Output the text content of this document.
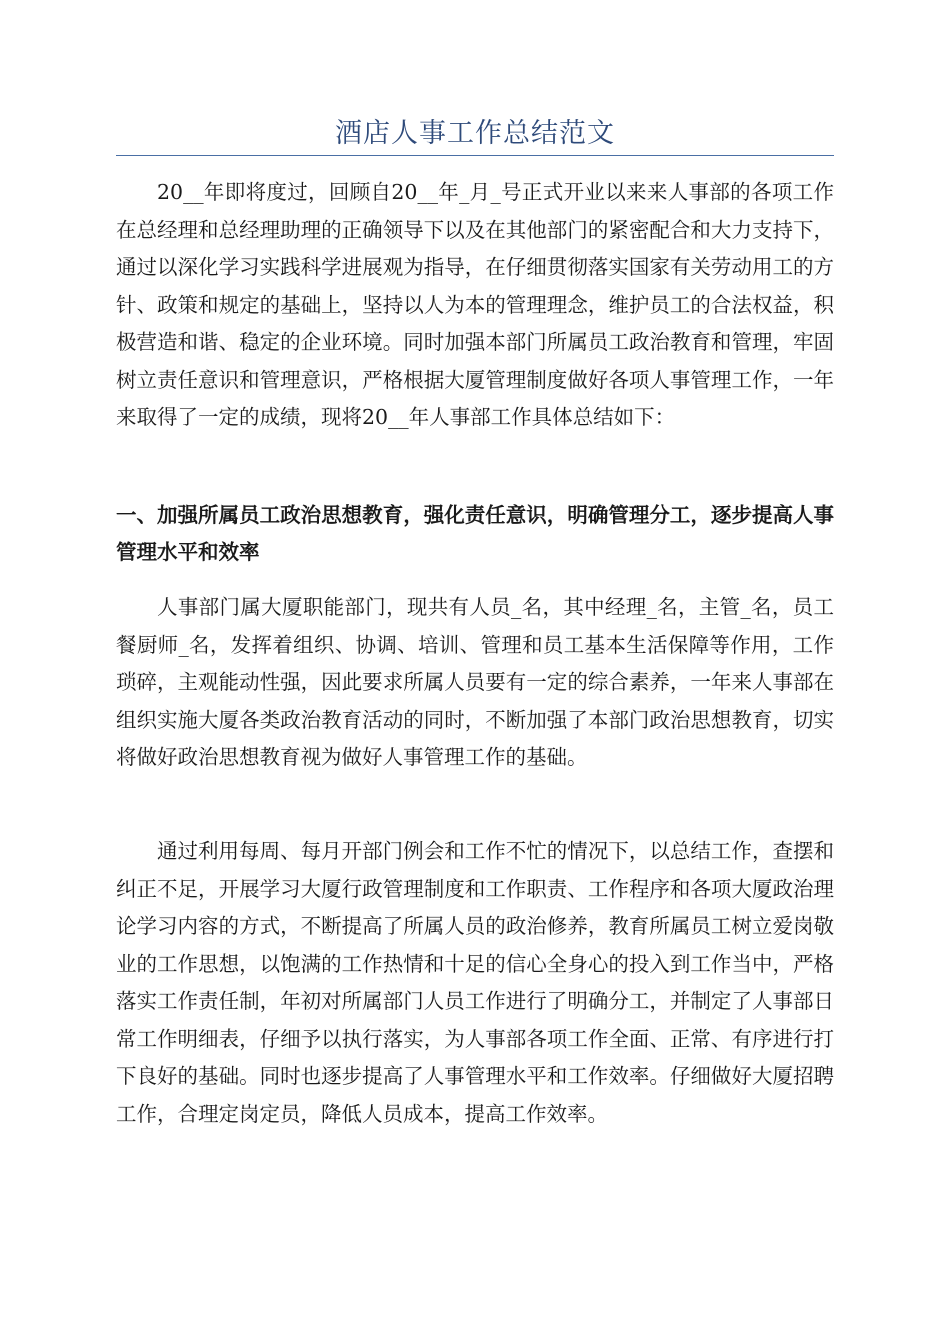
酒店人事工作总结范文

20__年即将度过，回顾自20__年_月_号正式开业以来来人事部的各项工作在总经理和总经理助理的正确领导下以及在其他部门的紧密配合和大力支持下，通过以深化学习实践科学进展观为指导，在仔细贯彻落实国家有关劳动用工的方针、政策和规定的基础上，坚持以人为本的管理理念，维护员工的合法权益，积极营造和谐、稳定的企业环境。同时加强本部门所属员工政治教育和管理，牢固树立责任意识和管理意识，严格根据大厦管理制度做好各项人事管理工作，一年来取得了一定的成绩，现将20__年人事部工作具体总结如下：

一、加强所属员工政治思想教育，强化责任意识，明确管理分工，逐步提高人事管理水平和效率

人事部门属大厦职能部门，现共有人员_名，其中经理_名，主管_名，员工餐厨师_名，发挥着组织、协调、培训、管理和员工基本生活保障等作用，工作琐碎，主观能动性强，因此要求所属人员要有一定的综合素养，一年来人事部在组织实施大厦各类政治教育活动的同时，不断加强了本部门政治思想教育，切实将做好政治思想教育视为做好人事管理工作的基础。

通过利用每周、每月开部门例会和工作不忙的情况下，以总结工作，查摆和纠正不足，开展学习大厦行政管理制度和工作职责、工作程序和各项大厦政治理论学习内容的方式，不断提高了所属人员的政治修养，教育所属员工树立爱岗敬业的工作思想，以饱满的工作热情和十足的信心全身心的投入到工作当中，严格落实工作责任制，年初对所属部门人员工作进行了明确分工，并制定了人事部日常工作明细表，仔细予以执行落实，为人事部各项工作全面、正常、有序进行打下良好的基础。同时也逐步提高了人事管理水平和工作效率。仔细做好大厦招聘工作，合理定岗定员，降低人员成本，提高工作效率。
